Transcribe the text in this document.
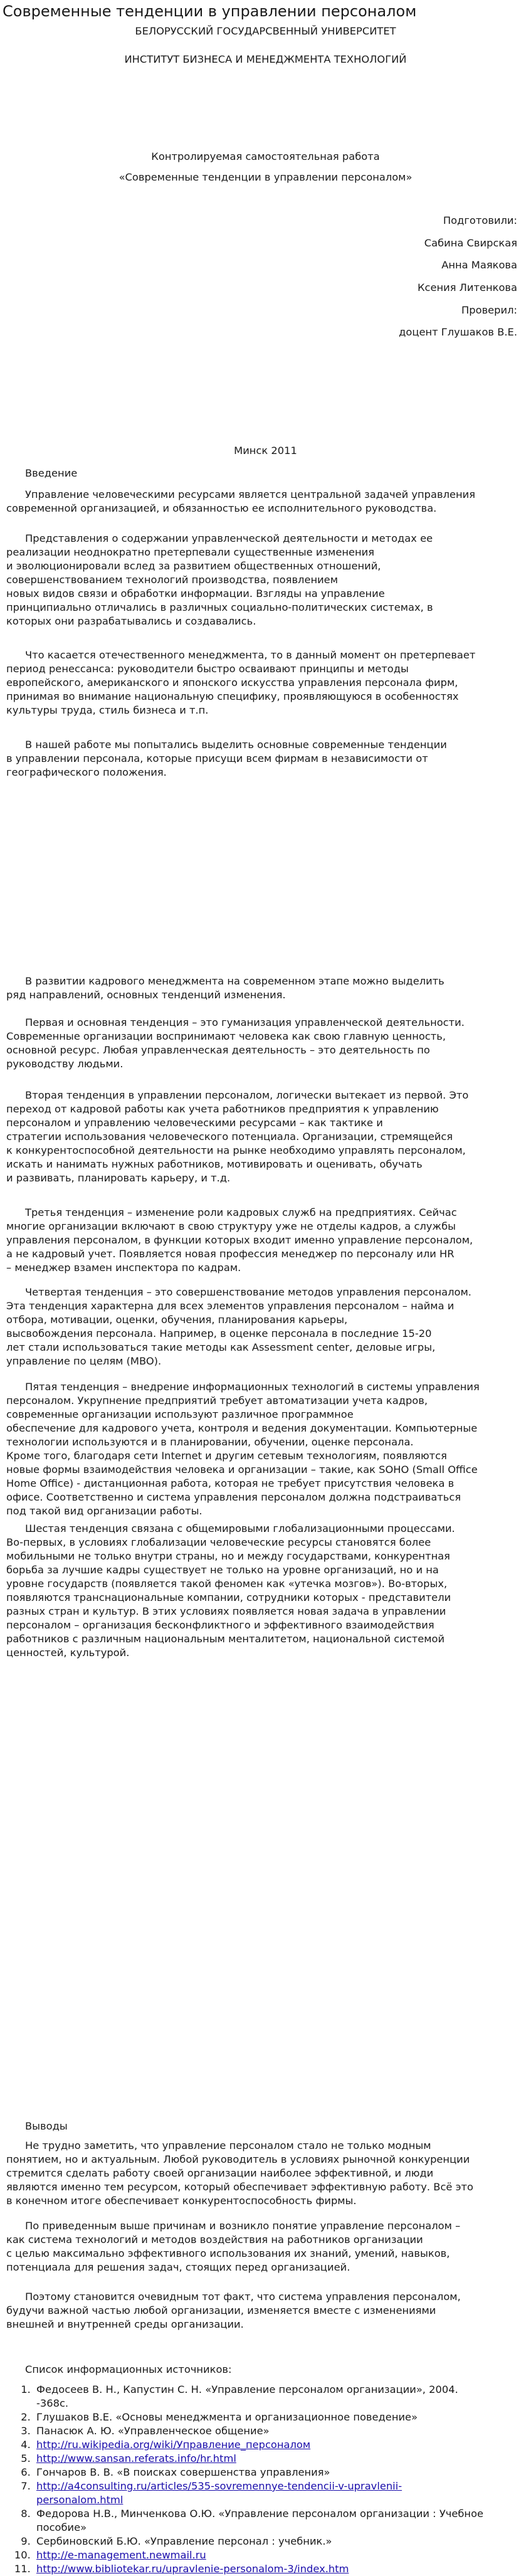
Современные тенденции в управлении персоналом
БЕЛОРУССКИЙ ГОСУДАРСВЕННЫЙ УНИВЕРСИТЕТ
ИНСТИТУТ БИЗНЕСА И МЕНЕДЖМЕНТА ТЕХНОЛОГИЙ
Контролируемая самостоятельная работа
«Современные тенденции в управлении персоналом»
Подготовили:
Сабина Свирская
Анна Маякова
Ксения Литенкова
Проверил:
доцент Глушаков В.Е.
Минск 2011
Введение
Управление человеческими ресурсами является центральной задачей управления
современной организацией, и обязанностью ее исполнительного руководства.
Представления о содержании управленческой деятельности и методах ее
реализации неоднократно претерпевали существенные изменения
и эволюционировали вслед за развитием общественных отношений,
совершенствованием технологий производства, появлением
новых видов связи и обработки информации. Взгляды на управление
принципиально отличались в различных социально-политических системах, в
которых они разрабатывались и создавались.
Что касается отечественного менеджмента, то в данный момент он претерпевает
период ренессанса: руководители быстро осваивают принципы и методы
европейского, американского и японского искусства управления персонала фирм,
принимая во внимание национальную специфику, проявляющуюся в особенностях
культуры труда, стиль бизнеса и т.п.
В нашей работе мы попытались выделить основные современные тенденции
в управлении персонала, которые присущи всем фирмам в независимости от
географического положения.
В развитии кадрового менеджмента на современном этапе можно выделить
ряд направлений, основных тенденций изменения.
Первая и основная тенденция – это гуманизация управленческой деятельности.
Современные организации воспринимают человека как свою главную ценность,
основной ресурс. Любая управленческая деятельность – это деятельность по
руководству людьми.
Вторая тенденция в управлении персоналом, логически вытекает из первой. Это
переход от кадровой работы как учета работников предприятия к управлению
персоналом и управлению человеческими ресурсами – как тактике и
стратегии использования человеческого потенциала. Организации, стремящейся
к конкурентоспособной деятельности на рынке необходимо управлять персоналом,
искать и нанимать нужных работников, мотивировать и оценивать, обучать
и развивать, планировать карьеру, и т.д.
Третья тенденция – изменение роли кадровых служб на предприятиях. Сейчас
многие организации включают в свою структуру уже не отделы кадров, а службы
управления персоналом, в функции которых входит именно управление персоналом,
а не кадровый учет. Появляется новая профессия менеджер по персоналу или HR
– менеджер взамен инспектора по кадрам.
Четвертая тенденция – это совершенствование методов управления персоналом.
Эта тенденция характерна для всех элементов управления персоналом – найма и
отбора, мотивации, оценки, обучения, планирования карьеры,
высвобождения персонала. Например, в оценке персонала в последние 15-20
лет стали использоваться такие методы как Assessment center, деловые игры,
управление по целям (MBO).
Пятая тенденция – внедрение информационных технологий в системы управления
персоналом. Укрупнение предприятий требует автоматизации учета кадров,
современные организации используют различное программное
обеспечение для кадрового учета, контроля и ведения документации. Компьютерные
технологии используются и в планировании, обучении, оценке персонала.
Кроме того, благодаря сети Internet и другим сетевым технологиям, появляются
новые формы взаимодействия человека и организации – такие, как SOHO (Small Office
Home Office) - дистанционная работа, которая не требует присутствия человека в
офисе. Соответственно и система управления персоналом должна подстраиваться
под такой вид организации работы.
Шестая тенденция связана с общемировыми глобализационными процессами.
Во-первых, в условиях глобализации человеческие ресурсы становятся более
мобильными не только внутри страны, но и между государствами, конкурентная
борьба за лучшие кадры существует не только на уровне организаций, но и на
уровне государств (появляется такой феномен как «утечка мозгов»). Во-вторых,
появляются транснациональные компании, сотрудники которых - представители
разных стран и культур. В этих условиях появляется новая задача в управлении
персоналом – организация бесконфликтного и эффективного взаимодействия
работников с различным национальным менталитетом, национальной системой
ценностей, культурой.
Не трудно заметить, что управление персоналом стало не только модным
понятием, но и актуальным. Любой руководитель в условиях рыночной конкуренции
стремится сделать работу своей организации наиболее эффективной, и люди
являются именно тем ресурсом, который обеспечивает эффективную работу. Всё это
в конечном итоге обеспечивает конкурентоспособность фирмы.
По приведенным выше причинам и возникло понятие управление персоналом –
как система технологий и методов воздействия на работников организации
с целью максимально эффективного использования их знаний, умений, навыков,
потенциала для решения задач, стоящих перед организацией.
Поэтому становится очевидным тот факт, что система управления персоналом,
будучи важной частью любой организации, изменяется вместе с изменениями
внешней и внутренней среды организации.
Выводы
Список информационных источников:
1. Федосеев В. Н., Капустин С. Н. «Управление персоналом организации», 2004.
-368с.
2. Глушаков В.Е. «Основы менеджмента и организационное поведение»
3. Панасюк А. Ю. «Управленческое общение»
4. http://ru.wikipedia.org/wiki/Управление_персоналом
5. http://www.sansan.referats.info/hr.html
6. Гончаров В. В. «В поисках совершенства управления»
7. http://a4consulting.ru/articles/535-sovremennye-tendencii-v-upravlenii-
personalom.html
8. Федорова Н.В., Минченкова О.Ю. «Управление персоналом организации : Учебное
пособие»
9. Сербиновский Б.Ю. «Управление персонал : учебник.»
10. http://e-management.newmail.ru
11. http://www.bibliotekar.ru/upravlenie-personalom-3/index.htm
